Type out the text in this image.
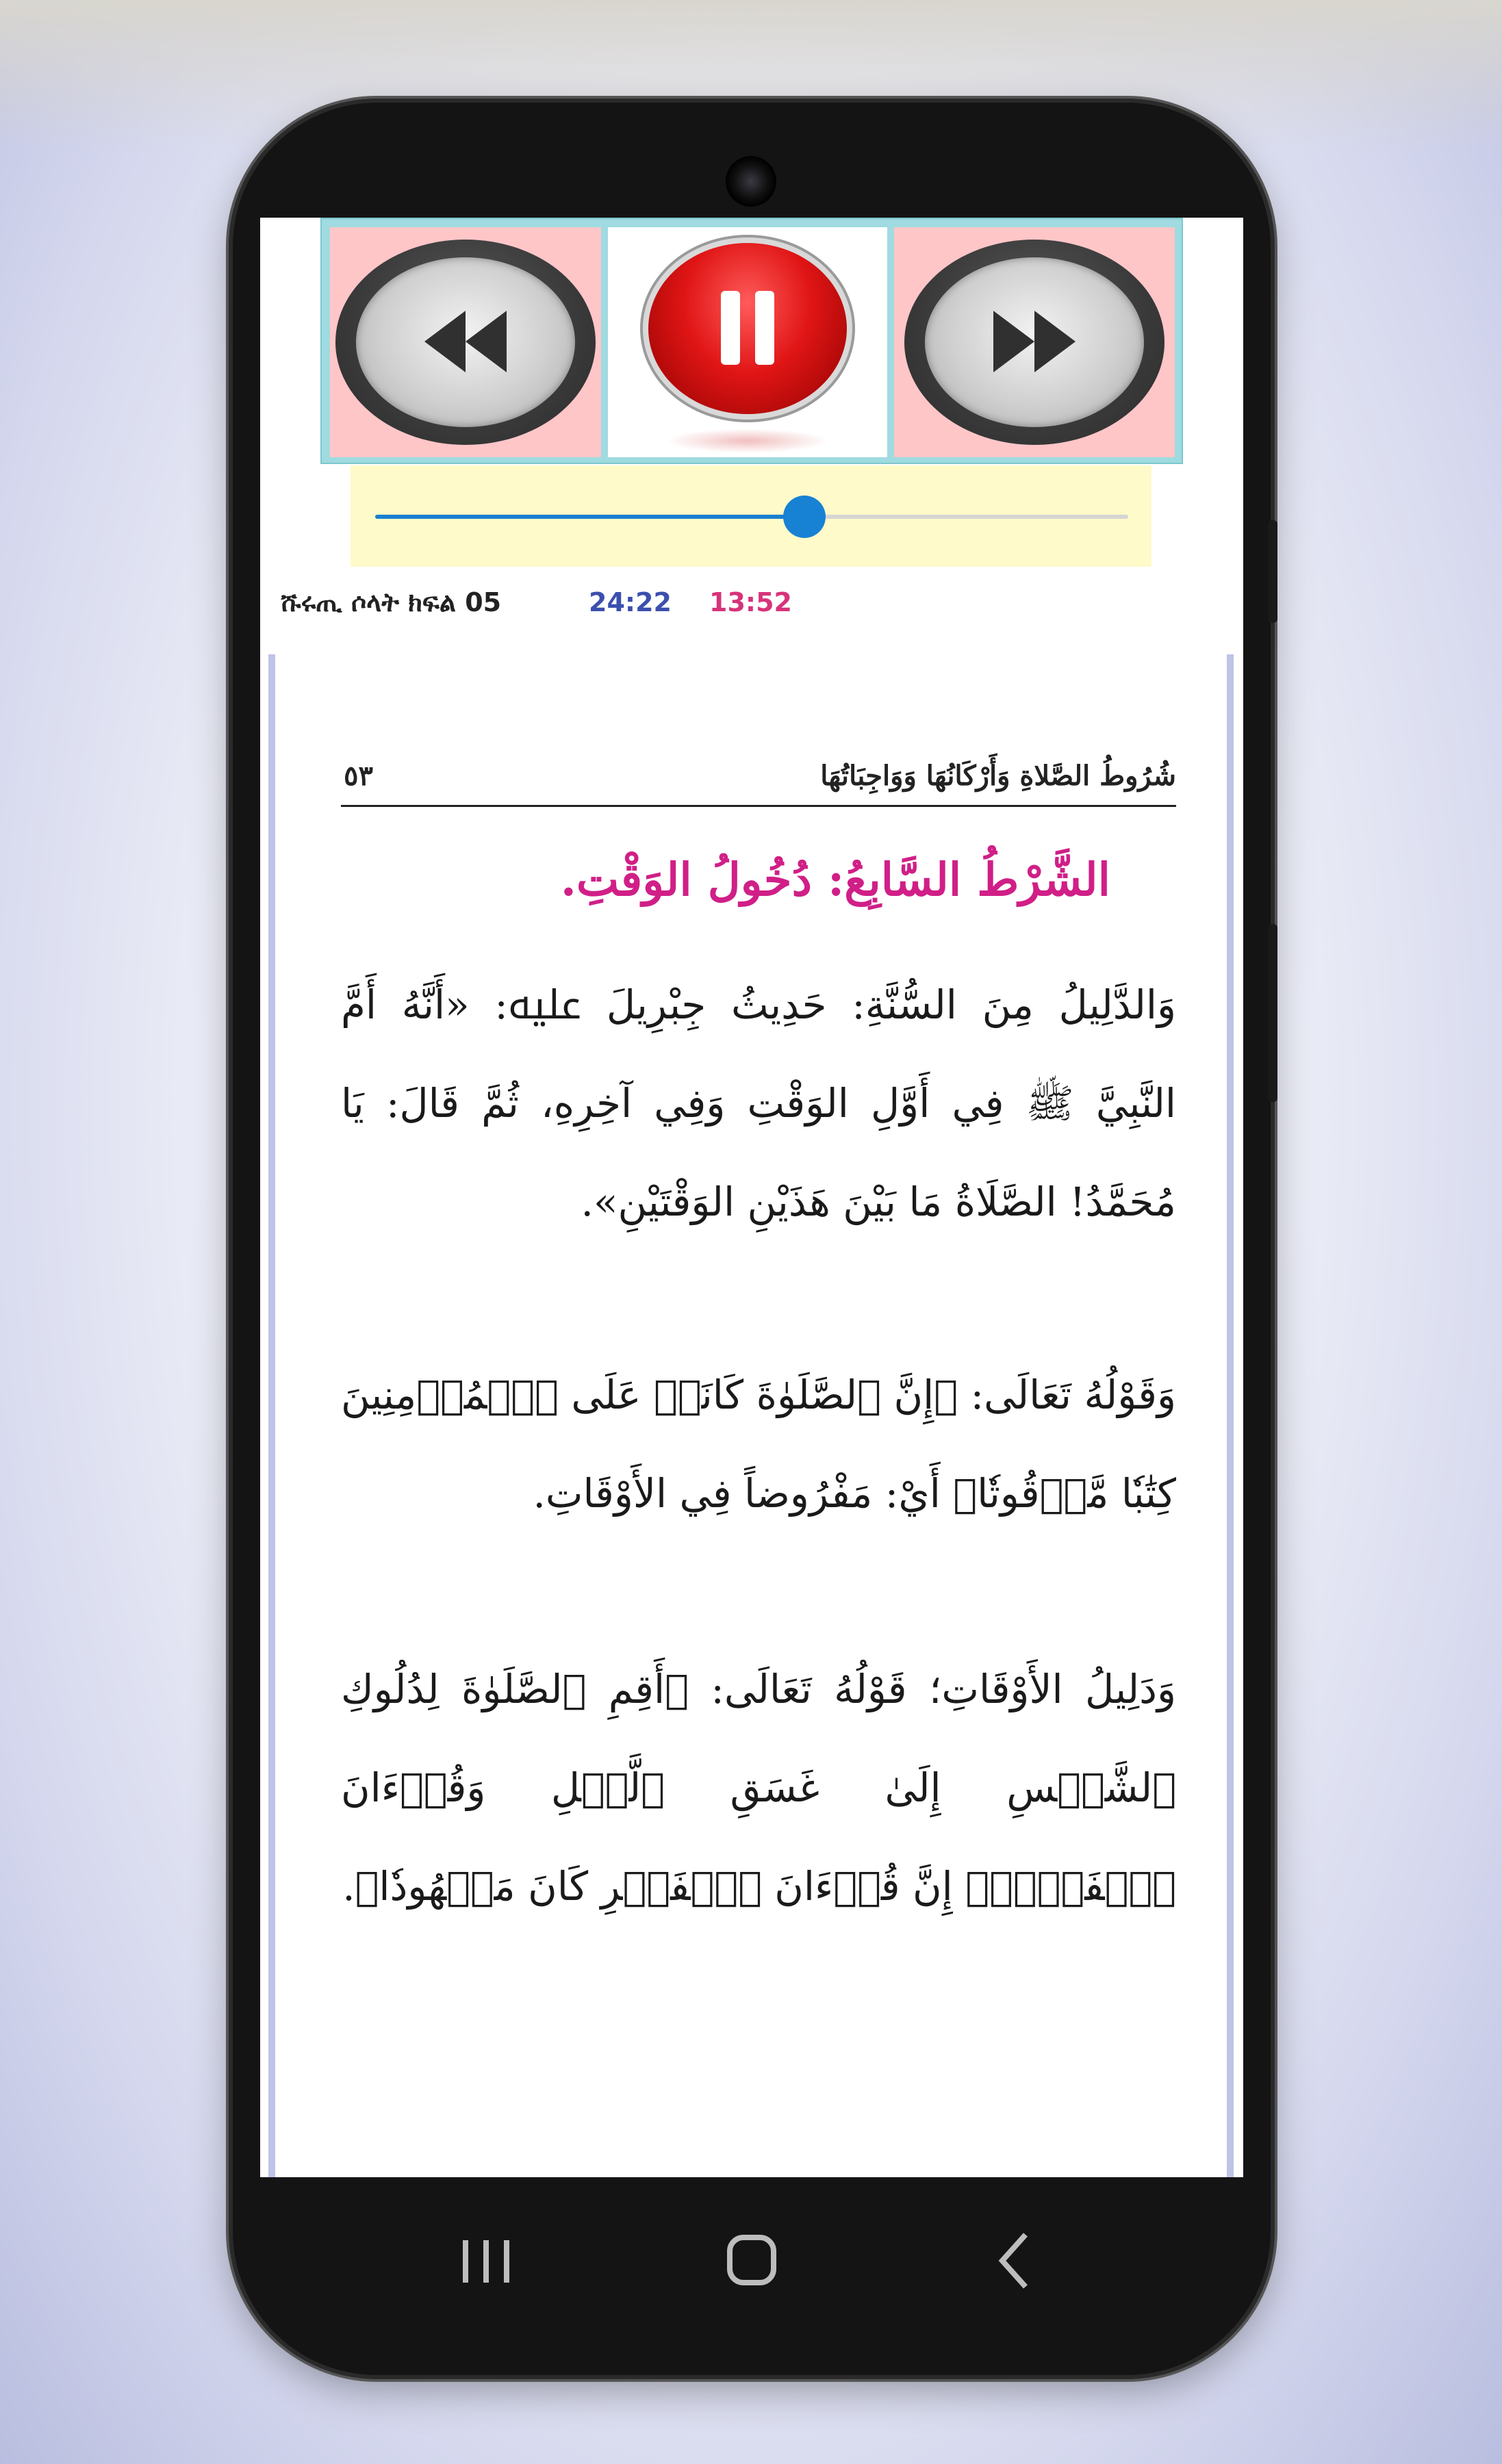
ሹሩጢ ሶላት ክፍል 05	24:22 13:52
شُرُوطُ الصَّلاةِ وَأَرْكَانُهَا وَوَاجِبَاتُهَا
٥٣
الشَّرْطُ السَّابِعُ: دُخُولُ الوَقْتِ.
وَالدَّلِيلُ مِنَ السُّنَّةِ: حَدِيثُ جِبْرِيلَ ﷷ: «أَنَّهُ أَمَّ النَّبِيَّ ﷺ فِي أَوَّلِ الوَقْتِ وَفِي آخِرِهِ، ثُمَّ قَالَ: يَا مُحَمَّدُ! الصَّلَاةُ مَا بَيْنَ هَذَيْنِ الوَقْتَيْنِ».
وَقَوْلُهُ تَعَالَى: ﴿إِنَّ ٱلصَّلَوٰةَ كَانَتۡ عَلَى ٱلۡمُؤۡمِنِينَ كِتَٰبٗا مَّوۡقُوتٗا﴾ أَيْ: مَفْرُوضاً فِي الأَوْقَاتِ.
وَدَلِيلُ الأَوْقَاتِ؛ قَوْلُهُ تَعَالَى: ﴿أَقِمِ ٱلصَّلَوٰةَ لِدُلُوكِ ٱلشَّمۡسِ إِلَىٰ غَسَقِ ٱلَّيۡلِ وَقُرۡءَانَ ٱلۡفَجۡرِۖ إِنَّ قُرۡءَانَ ٱلۡفَجۡرِ كَانَ مَشۡهُودٗا﴾.
